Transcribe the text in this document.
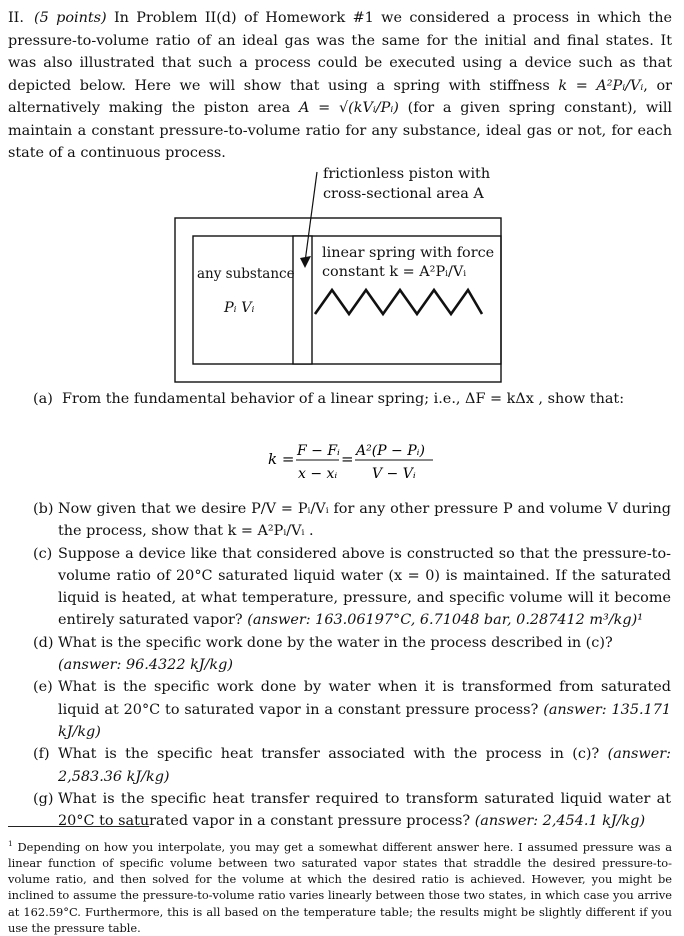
II. (5 points) In Problem II(d) of Homework #1 we considered a process in which the pressure-to-volume ratio of an ideal gas was the same for the initial and final states. It was also illustrated that such a process could be executed using a device such as that depicted below. Here we will show that using a spring with stiffness k = A²Pᵢ/Vᵢ, or alternatively making the piston area A = √(kVᵢ/Pᵢ) (for a given spring constant), will maintain a constant pressure-to-volume ratio for any substance, ideal gas or not, for each state of a continuous process.
frictionless piston with
cross-sectional area A
any substance
Pᵢ Vᵢ
linear spring with force
constant k = A²Pᵢ/Vᵢ
(a) From the fundamental behavior of a linear spring; i.e., ΔF = kΔx , show that:
k = F − Fᵢ
x − xᵢ
= A²(P − Pᵢ)
V − Vᵢ
(b) Now given that we desire P/V = Pᵢ/Vᵢ for any other pressure P and volume V during the process, show that k = A²Pᵢ/Vᵢ .
(c) Suppose a device like that considered above is constructed so that the pressure-to-volume ratio of 20°C saturated liquid water (x = 0) is maintained. If the saturated liquid is heated, at what temperature, pressure, and specific volume will it become entirely saturated vapor? (answer: 163.06197°C, 6.71048 bar, 0.287412 m³/kg)¹
(d) What is the specific work done by the water in the process described in (c)?
(answer: 96.4322 kJ/kg)
(e) What is the specific work done by water when it is transformed from saturated liquid at 20°C to saturated vapor in a constant pressure process? (answer: 135.171 kJ/kg)
(f) What is the specific heat transfer associated with the process in (c)? (answer: 2,583.36 kJ/kg)
(g) What is the specific heat transfer required to transform saturated liquid water at 20°C to saturated vapor in a constant pressure process? (answer: 2,454.1 kJ/kg)
$^1$ Depending on how you interpolate, you may get a somewhat different answer here. I assumed pressure was a linear function of specific volume between two saturated vapor states that straddle the desired pressure-to-volume ratio, and then solved for the volume at which the desired ratio is achieved. However, you might be inclined to assume the pressure-to-volume ratio varies linearly between those two states, in which case you arrive at 162.59°C. Furthermore, this is all based on the temperature table; the results might be slightly different if you use the pressure table.
